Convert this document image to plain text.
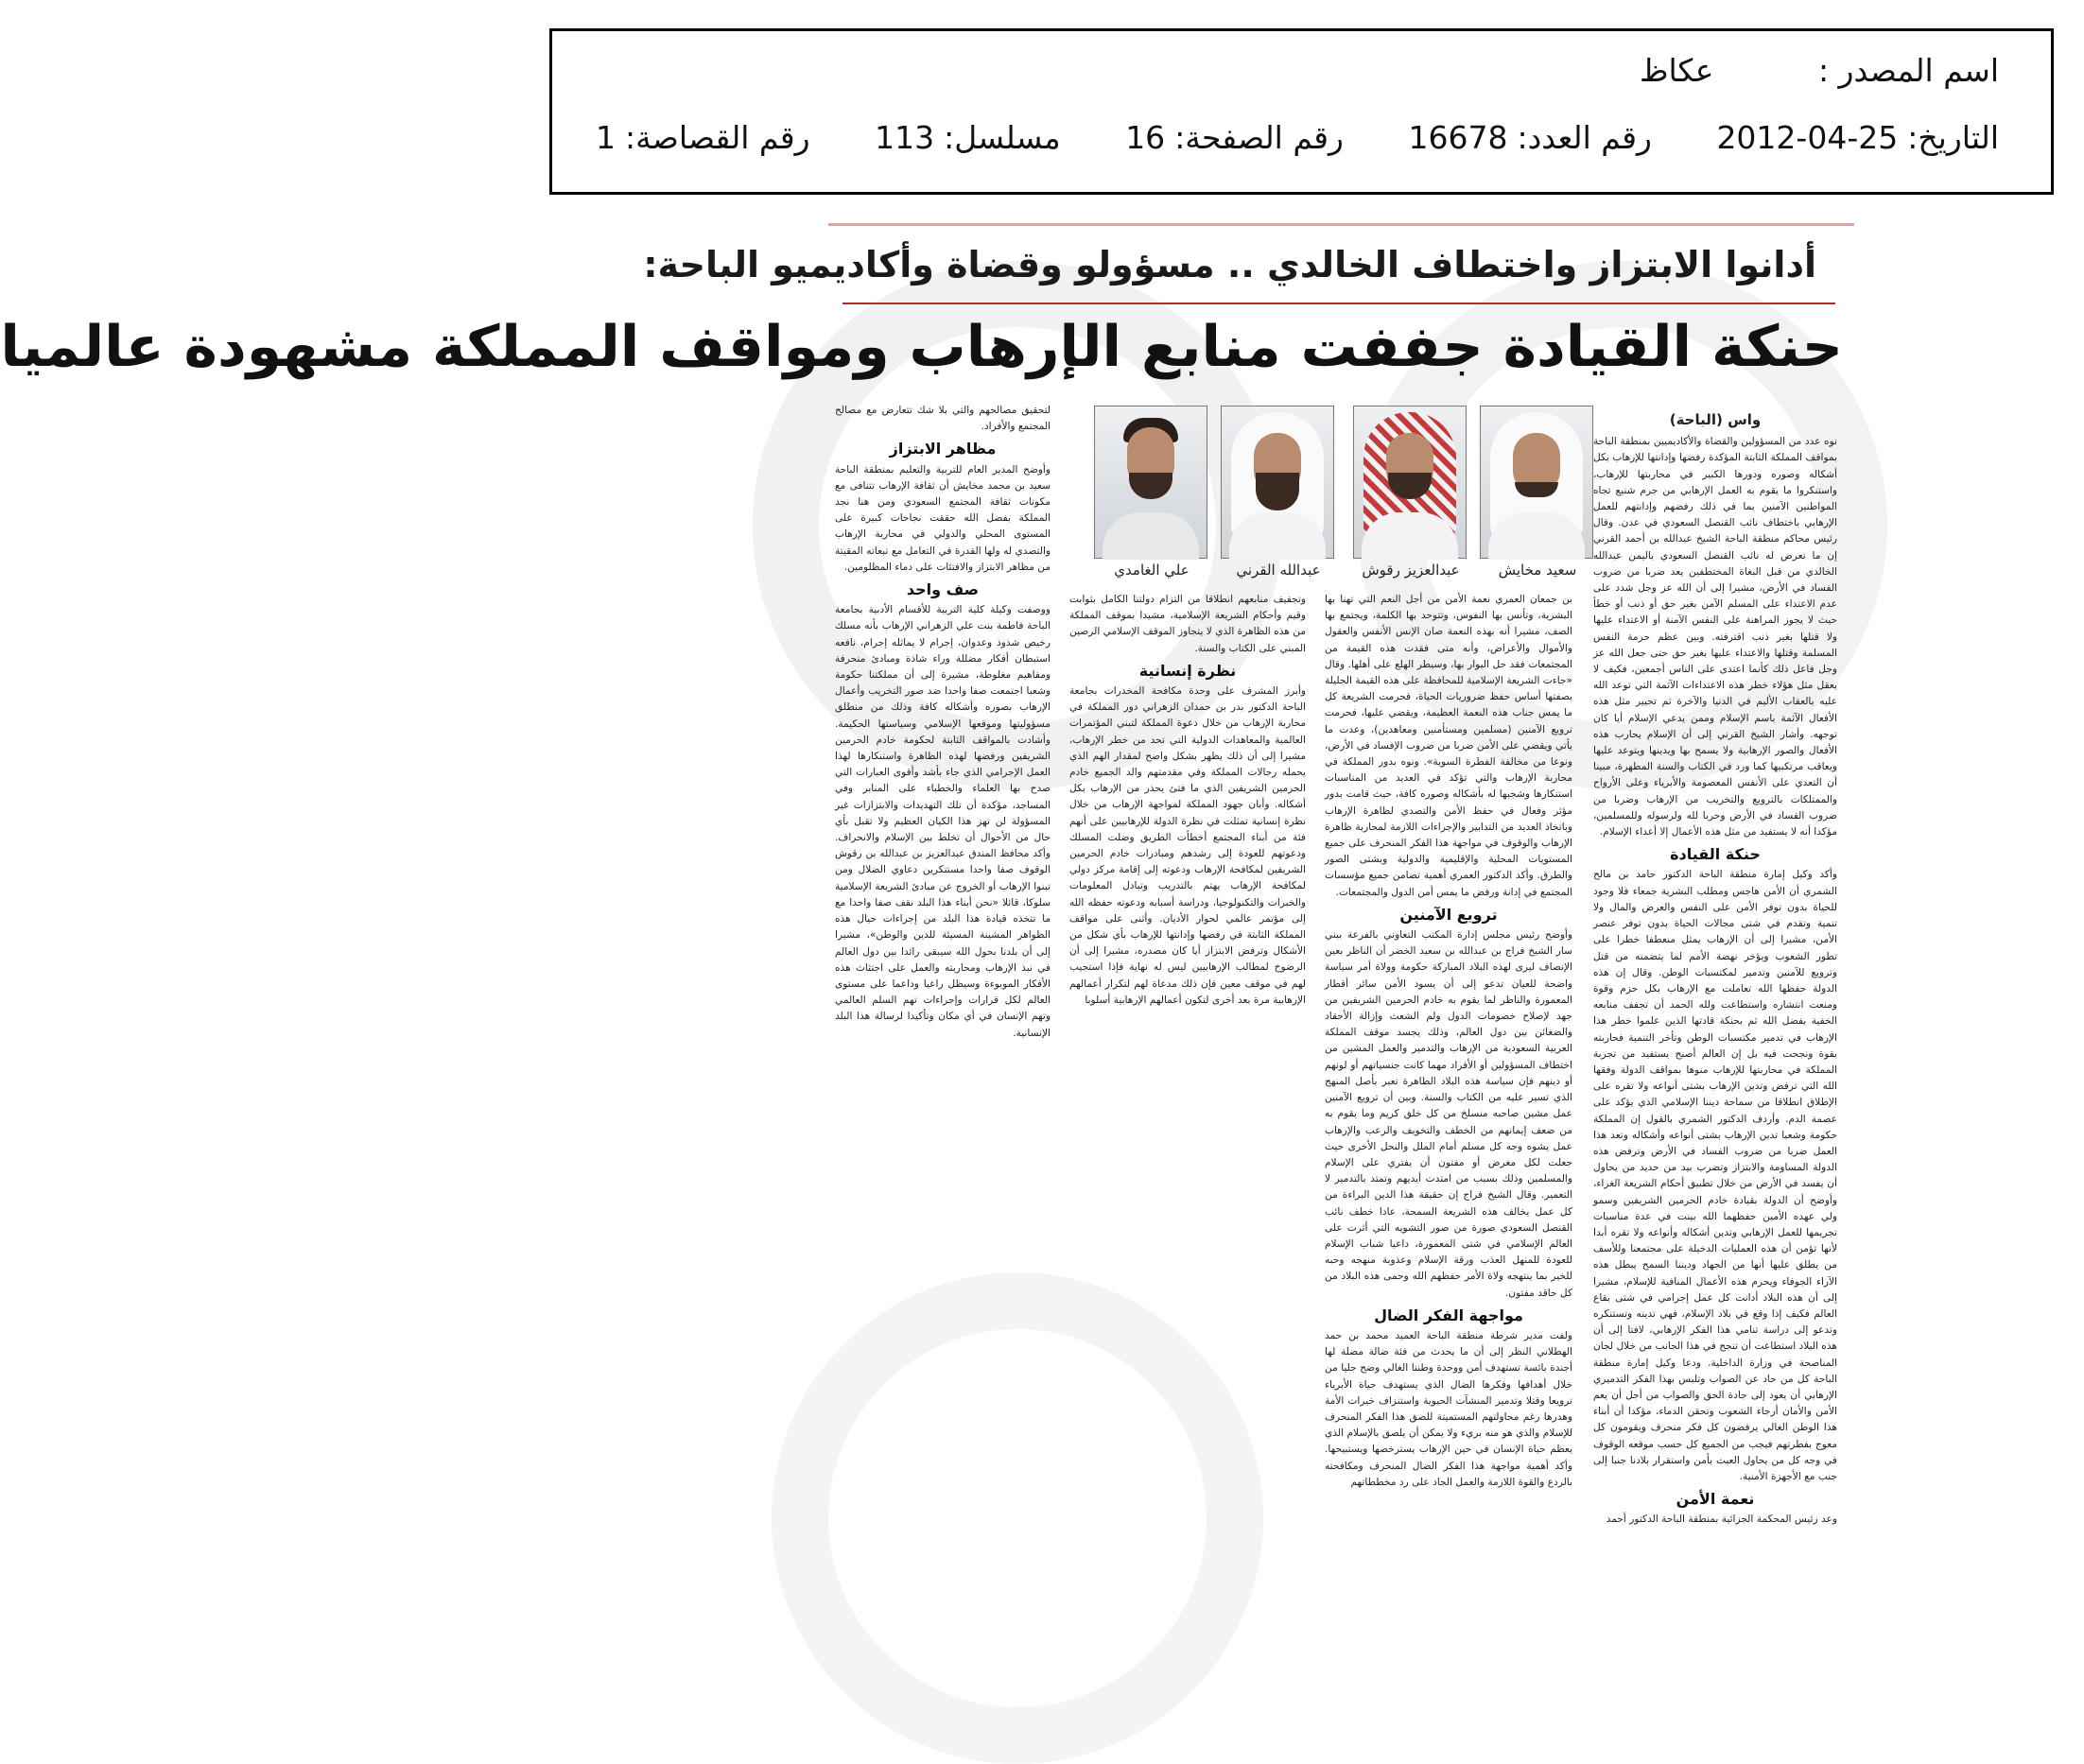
اسم المصدر : عكاظ
التاريخ:2012-04-25 رقم العدد:16678 رقم الصفحة:16 مسلسل:113 رقم القصاصة:1
أدانوا الابتزاز واختطاف الخالدي .. مسؤولو وقضاة وأكاديميو الباحة:
حنكة القيادة جففت منابع الإرهاب ومواقف المملكة مشهودة عالميا
سعيد مخايش
عبدالعزيز رقوش
عبدالله القرني
علي الغامدي
واس (الباحة)

نوه عدد من المسؤولين والقضاة والأكاديميين بمنطقة الباحة بمواقف المملكة الثابتة المؤكدة رفضها وإدانتها للإرهاب بكل أشكاله وصوره ودورها الكبير في محاربتها للإرهاب، واستنكروا ما يقوم به العمل الإرهابي من جرم شنيع تجاه المواطنين الآمنين بما في ذلك رفضهم وإدانتهم للعمل الإرهابي باختطاف نائب القنصل السعودي في عدن. وقال رئيس محاكم منطقة الباحة الشيخ عبدالله بن أحمد القرني إن ما تعرض له نائب القنصل السعودي باليمن عبدالله الخالدي من قبل البغاة المختطفين يعد ضربا من ضروب الفساد في الأرض، مشيرا إلى أن الله عز وجل شدد على عدم الاعتداء على المسلم الآمن بغير حق أو ذنب أو خطأ حيث لا يجوز المراهنة على النفس الآمنة أو الاعتداء عليها ولا قتلها بغير ذنب اقترفته. وبين عظم حرمة النفس المسلمة وقتلها والاعتداء عليها بغير حق حتى جعل الله عز وجل فاعل ذلك كأنما اعتدى على الناس أجمعين، فكيف لا يعقل مثل هؤلاء خطر هذه الاعتداءات الآثمة التي توعد الله عليه بالعقاب الأليم في الدنيا والآخرة ثم تجيير مثل هذه الأفعال الآثمة باسم الإسلام وممن يدعي الإسلام أيا كان توجهه. وأشار الشيخ القرني إلى أن الإسلام يحارب هذه الأفعال والصور الإرهابية ولا يسمح بها ويدينها ويتوعد عليها ويعاقب مرتكبيها كما ورد في الكتاب والسنة المطهرة، مبينا أن التعدي على الأنفس المعصومة والأبرياء وعلى الأرواح والممتلكات بالترويع والتخريب من الإرهاب وضربا من ضروب الفساد في الأرض وحربا لله ولرسوله وللمسلمين، مؤكدا أنه لا يستفيد من مثل هذه الأعمال إلا أعداء الإسلام.

حنكة القيادة

وأكد وكيل إمارة منطقة الباحة الدكتور حامد بن مالح الشمري أن الأمن هاجس ومطلب البشرية جمعاء فلا وجود للحياة بدون توفر الأمن على النفس والعرض والمال ولا تنمية وتقدم في شتى مجالات الحياة بدون توفر عنصر الأمن، مشيرا إلى أن الإرهاب يمثل منعطفا خطرا على تطور الشعوب ويؤخر نهضة الأمم لما يتضمنه من قتل وترويع للآمنين وتدمير لمكتسبات الوطن. وقال إن هذه الدولة حفظها الله تعاملت مع الإرهاب بكل حزم وقوة ومنعت انتشاره واستطاعت ولله الحمد أن تجفف منابعه الخفية بفضل الله ثم بحنكة قادتها الذين علموا خطر هذا الإرهاب في تدمير مكتسبات الوطن وتأخر التنمية فحاربته بقوة ونجحت فيه بل إن العالم أصبح يستفيد من تجربة المملكة في محاربتها للإرهاب منوها بمواقف الدولة وفقها الله التي ترفض وتدين الإرهاب بشتى أنواعه ولا تقره على الإطلاق انطلاقا من سماحة ديننا الإسلامي الذي يؤكد على عصمة الدم. وأردف الدكتور الشمري بالقول إن المملكة حكومة وشعبا تدين الإرهاب بشتى أنواعه وأشكاله وتعد هذا العمل ضربا من ضروب الفساد في الأرض وترفض هذه الدولة المساومة والابتزاز وتضرب بيد من حديد من يحاول أن يفسد في الأرض من خلال تطبيق أحكام الشريعة الغراء، وأوضح أن الدولة بقيادة خادم الحرمين الشريفين وسمو ولي عهده الأمين حفظهما الله بينت في عدة مناسبات تجريمها للعمل الإرهابي وتدين أشكاله وأنواعه ولا تقره أبدا لأنها تؤمن أن هذه العمليات الدخيلة على مجتمعنا وللأسف من يطلق عليها أنها من الجهاد وديننا السمح يبطل هذه الآراء الجوفاء ويحرم هذه الأعمال المنافية للإسلام، مشيرا إلى أن هذه البلاد أدانت كل عمل إجرامي في شتى بقاع العالم فكيف إذا وقع في بلاد الإسلام، فهي تدينه وتستنكره وتدعو إلى دراسة تنامي هذا الفكر الإرهابي، لافتا إلى أن هذه البلاد استطاعت أن تنجح في هذا الجانب من خلال لجان المناصحة في وزارة الداخلية. ودعا وكيل إمارة منطقة الباحة كل من حاد عن الصواب وتلبس بهذا الفكر التدميري الإرهابي أن يعود إلى جادة الحق والصواب من أجل أن يعم الأمن والأمان أرجاء الشعوب وتحقن الدماء، مؤكدا أن أبناء هذا الوطن الغالي يرفضون كل فكر منحرف ويقومون كل معوج بفطرتهم فيجب من الجميع كل حسب موقعه الوقوف في وجه كل من يحاول العبث بأمن واستقرار بلادنا جنبا إلى جنب مع الأجهزة الأمنية.

نعمة الأمن

وعد رئيس المحكمة الجزائية بمنطقة الباحة الدكتور أحمد

بن جمعان العمري نعمة الأمن من أجل النعم التي تهنا بها البشرية، وتأنس بها النفوس، وتتوحد بها الكلمة، ويجتمع بها الصف، مشيرا أنه بهذه النعمة صان الإنس الأنفس والعقول والأموال والأعراض، وأنه متى فقدت هذه القيمة من المجتمعات فقد حل البوار بها، وسيطر الهلع على أهلها. وقال «جاءت الشريعة الإسلامية للمحافظة على هذه القيمة الجليلة بصفتها أساس حفظ ضروريات الحياة، فحرمت الشريعة كل ما يمس جناب هذه النعمة العظيمة، ويقضي عليها، فحرمت ترويع الآمنين (مسلمين ومستأمنين ومعاهدين)، وعدت ما يأتي ويقضي على الأمن ضربا من ضروب الإفساد في الأرض، ونوعا من مخالفة الفطرة السوية». ونوه بدور المملكة في محاربة الإرهاب والتي تؤكد في العديد من المناسبات استنكارها وشجبها له بأشكاله وصوره كافة، حيث قامت بدور مؤثر وفعال في حفظ الأمن والتصدي لظاهرة الإرهاب وباتخاذ العديد من التدابير والإجراءات اللازمة لمحاربة ظاهرة الإرهاب والوقوف في مواجهة هذا الفكر المنحرف على جميع المستويات المحلية والإقليمية والدولية وبشتى الصور والطرق. وأكد الدكتور العمري أهمية تضامن جميع مؤسسات المجتمع في إدانة ورفض ما يمس أمن الدول والمجتمعات.

ترويع الآمنين

وأوضح رئيس مجلس إدارة المكتب التعاوني بالفرعة ببني سار الشيخ فراج بن عبدالله بن سعيد الخضر أن الناظر بعين الإنصاف ليرى لهذه البلاد المباركة حكومة وولاة أمر سياسة واضحة للعيان تدعو إلى أن يسود الأمن سائر أقطار المعمورة والناظر لما يقوم به خادم الحرمين الشريفين من جهد لإصلاح خصومات الدول ولم الشعث وإزالة الأحقاد والضغائن بين دول العالم، وذلك يجسد موقف المملكة العربية السعودية من الإرهاب والتدمير والعمل المشين من اختطاف المسؤولين أو الأفراد مهما كانت جنسياتهم أو لونهم أو دينهم فإن سياسة هذه البلاد الطاهرة تعبر بأصل المنهج الذي تسير عليه من الكتاب والسنة. وبين أن ترويع الآمنين عمل مشين صاحبه منسلخ من كل خلق كريم وما يقوم به من ضعف إيمانهم من الخطف والتخويف والرعب والإرهاب عمل يشوه وجه كل مسلم أمام الملل والنحل الأخرى حيث جعلت لكل مغرض أو مفتون أن يفتري على الإسلام والمسلمين وذلك بسبب من امتدت أيديهم وتمتد بالتدمير لا التعمير. وقال الشيخ فراج إن حقيقة هذا الدين البراءة من كل عمل يخالف هذه الشريعة السمحة، عادا خطف نائب القنصل السعودي صورة من صور التشويه التي أثرت على العالم الإسلامي في شتى المعمورة، داعيا شباب الإسلام للعودة للمنهل العذب ورقة الإسلام وعذوبة منهجه وحبه للخير بما ينتهجه ولاة الأمر حفظهم الله وحمى هذه البلاد من كل حاقد مفتون.

مواجهة الفكر الضال

ولفت مدير شرطة منطقة الباحة العميد محمد بن حمد الهطلاني النظر إلى أن ما يحدث من فئة ضالة مضلة لها أجندة بائسة تستهدف أمن ووحدة وطننا الغالي وضح جليا من خلال أهدافها وفكرها الضال الذي يستهدف حياة الأبرياء ترويعا وقتلا وتدمير المنشآت الحيوية واستنزاف خيرات الأمة وهدرها رغم محاولتهم المستميتة للصق هذا الفكر المنحرف للإسلام والذي هو منه بريء ولا يمكن أن يلصق بالإسلام الذي يعظم حياة الإنسان في حين الإرهاب يسترخصها ويستبيحها. وأكد أهمية مواجهة هذا الفكر الضال المنحرف ومكافحته بالردع والقوة اللازمة والعمل الجاد على رد مخططاتهم

وتجفيف منابعهم انطلاقا من التزام دولتنا الكامل بثوابت وقيم وأحكام الشريعة الإسلامية، مشيدا بموقف المملكة من هذه الظاهرة الذي لا يتجاوز الموقف الإسلامي الرصين المبني على الكتاب والسنة.

نظرة إنسانية

وأبرز المشرف على وحدة مكافحة المخدرات بجامعة الباحة الدكتور بدر بن حمدان الزهراني دور المملكة في محاربة الإرهاب من خلال دعوة المملكة لتبني المؤتمرات العالمية والمعاهدات الدولية التي تحد من خطر الإرهاب، مشيرا إلى أن ذلك يظهر بشكل واضح لمقدار الهم الذي يحمله رجالات المملكة وفي مقدمتهم والد الجميع خادم الحرمين الشريفين الذي ما فتئ يحذر من الإرهاب بكل أشكاله. وأبان جهود المملكة لمواجهة الإرهاب من خلال نظرة إنسانية تمثلت في نظرة الدولة للإرهابيين على أنهم فئة من أبناء المجتمع أخطأت الطريق وضلت المسلك ودعوتهم للعودة إلى رشدهم ومبادرات خادم الحرمين الشريفين لمكافحة الإرهاب ودعوته إلى إقامة مركز دولي لمكافحة الإرهاب يهتم بالتدريب وتبادل المعلومات والخبرات والتكنولوجيا، ودراسة أسبابه ودعوته حفظه الله إلى مؤتمر عالمي لحوار الأديان. وأثنى على مواقف المملكة الثابتة في رفضها وإدانتها للإرهاب بأي شكل من الأشكال وترفض الابتزاز أيا كان مصدره، مشيرا إلى أن الرضوخ لمطالب الإرهابيين ليس له نهاية فإذا استجيب لهم في موقف معين فإن ذلك مدعاة لهم لتكرار أعمالهم الإرهابية مرة بعد أخرى لتكون أعمالهم الإرهابية أسلوبا

لتحقيق مصالحهم والتي بلا شك تتعارض مع مصالح المجتمع والأفراد.

مظاهر الابتزاز

وأوضح المدير العام للتربية والتعليم بمنطقة الباحة سعيد بن محمد مخايش أن ثقافة الإرهاب تتنافى مع مكونات ثقافة المجتمع السعودي ومن هنا نجد المملكة بفضل الله حققت نجاحات كبيرة على المستوى المحلي والدولي في محاربة الإرهاب والتصدي له ولها القدرة في التعامل مع تبعاته المقيتة من مظاهر الابتزاز والافتئات على دماء المظلومين.

صف واحد

ووصفت وكيلة كلية التربية للأقسام الأدبية بجامعة الباحة فاطمة بنت علي الزهراني الإرهاب بأنه مسلك رخيص شذوذ وعدوان، إجرام لا يماثله إجرام، نافعه استبطان أفكار مضللة وراء شاذة ومبادئ منحرفة ومفاهيم مغلوطة، مشيرة إلى أن مملكتنا حكومة وشعبا اجتمعت صفا واحدا ضد صور التخريب وأعمال الإرهاب بصوره وأشكاله كافة وذلك من منطلق مسؤوليتها وموقعها الإسلامي وسياستها الحكيمة. وأشادت بالمواقف الثابتة لحكومة خادم الحرمين الشريفين ورفضها لهذه الظاهرة واستنكارها لهذا العمل الإجرامي الذي جاء بأشد وأقوى العبارات التي صدح بها العلماء والخطباء على المنابر وفي المساجد، مؤكدة أن تلك التهديدات والابتزازات غير المسؤولة لن تهز هذا الكيان العظيم ولا تقبل بأي حال من الأحوال أن تخلط بين الإسلام والانحراف. وأكد محافظ المندق عبدالعزيز بن عبدالله بن رقوش الوقوف صفا واحدا مستنكرين دعاوي الضلال ومن تبنوا الإرهاب أو الخروج عن مبادئ الشريعة الإسلامية سلوكا، قائلا «نحن أبناء هذا البلد نقف صفا واحدا مع ما تتخذه قيادة هذا البلد من إجراءات حيال هذه الظواهر المشينة المسيئة للدين والوطن»، مشيرا إلى أن بلدنا بحول الله سيبقى رائدا بين دول العالم في نبذ الإرهاب ومحاربته والعمل على اجتثاث هذه الأفكار الموبوءة وسيظل راعيا وداعما على مستوى العالم لكل قرارات وإجراءات تهم السلم العالمي وتهم الإنسان في أي مكان وتأكيدا لرسالة هذا البلد الإنسانية.
